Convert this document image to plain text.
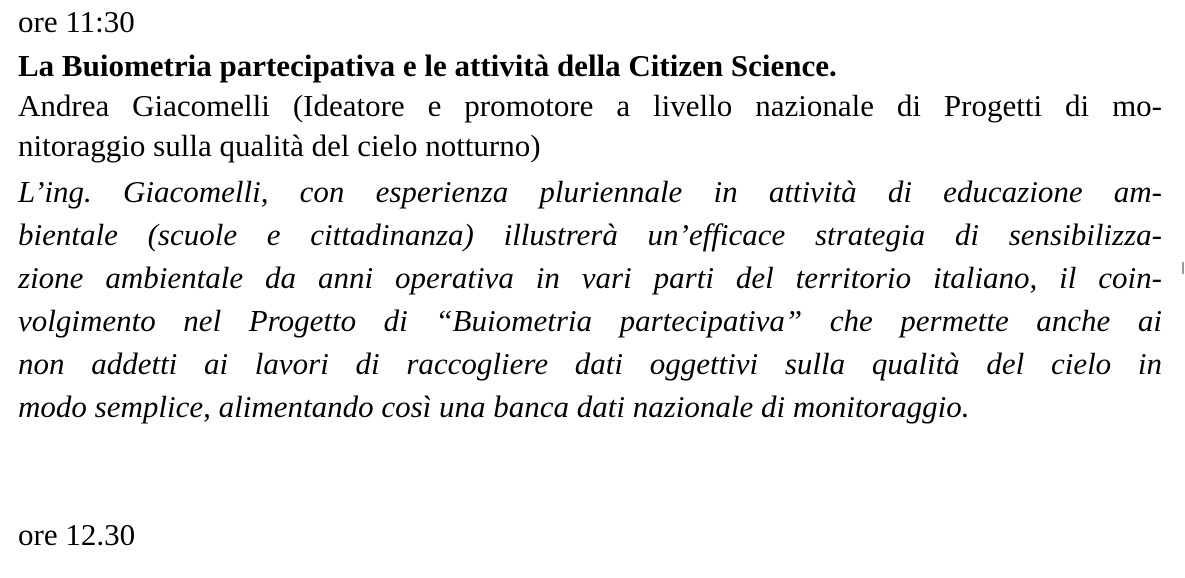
ore 11:30
La Buiometria partecipativa e le attività della Citizen Science.
Andrea Giacomelli (Ideatore e promotore a livello nazionale di Progetti di mo-
nitoraggio sulla qualità del cielo notturno)
L’ing. Giacomelli, con esperienza pluriennale in attività di educazione am-
bientale (scuole e cittadinanza) illustrerà un’efficace strategia di sensibilizza-
zione ambientale da anni operativa in vari parti del territorio italiano, il coin-
volgimento nel Progetto di “Buiometria partecipativa” che permette anche ai
non addetti ai lavori di raccogliere dati oggettivi sulla qualità del cielo in
modo semplice, alimentando così una banca dati nazionale di monitoraggio.
ore 12.30
